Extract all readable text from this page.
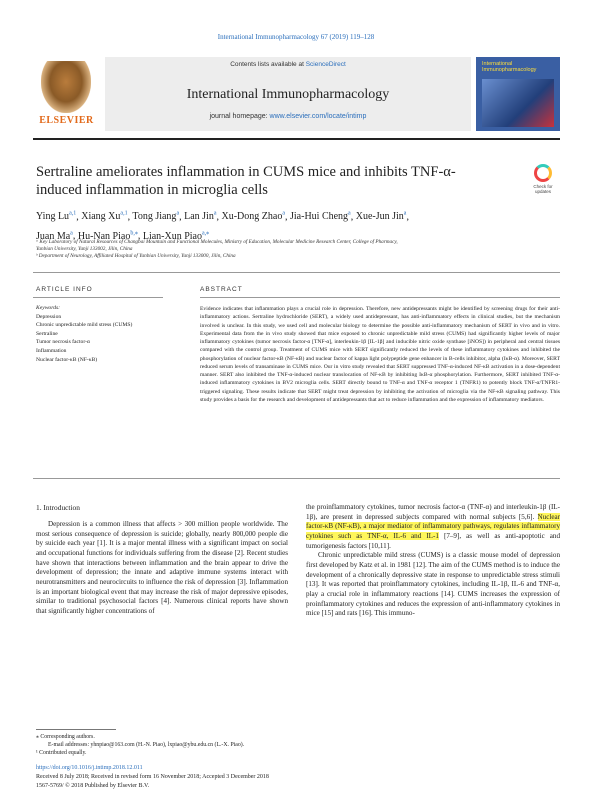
International Immunopharmacology 67 (2019) 119–128
ELSEVIER
Contents lists available at ScienceDirect
International Immunopharmacology
journal homepage: www.elsevier.com/locate/intimp
International
Immunopharmacology
Sertraline ameliorates inflammation in CUMS mice and inhibits TNF-α-
induced inflammation in microglia cells	Check for
updates
Ying Lu$^{a,1}$, Xiang Xu$^{a,1}$, Tong Jiang$^a$, Lan Jin$^a$, Xu-Dong Zhao$^a$, Jia-Hui Cheng$^a$, Xue-Jun Jin$^a$,
Juan Ma$^a$, Hu-Nan Piao$^{b,⁎}$, Lian-Xun Piao$^{a,⁎}$
ᵃ Key Laboratory of Natural Resources of Changbai Mountain and Functional Molecules, Ministry of Education, Molecular Medicine Research Center, College of Pharmacy,
Yanbian University, Yanji 133002, Jilin, China
ᵇ Department of Neurology, Affiliated Hospital of Yanbian University, Yanji 133000, Jilin, China
ARTICLE INFO	ABSTRACT
Keywords:
Depression
Chronic unpredictable mild stress (CUMS)
Sertraline
Tumor necrosis factor-α
Inflammation
Nuclear factor-κB (NF-κB)
Evidence indicates that inflammation plays a crucial role in depression. Therefore, new antidepressants might be identified by screening drugs for their anti-inflammatory actions. Sertraline hydrochloride (SERT), a widely used antidepressant, has anti-inflammatory effects in clinical studies, but the mechanism involved is unclear. In this study, we used cell and molecular biology to determine the possible anti-inflammatory mechanism of SERT in vivo and in vitro. Experimental data from the in vivo study showed that mice exposed to chronic unpredictable mild stress (CUMS) had significantly higher levels of major inflammatory cytokines (tumor necrosis factor-α [TNF-α], interleukin-1β [IL-1β] and inducible nitric oxide synthase [iNOS]) in peripheral and central tissues compared with the control group. Treatment of CUMS mice with SERT significantly reduced the levels of these inflammatory cytokines and inhibited the phosphorylation of nuclear factor-κB (NF-κB) and nuclear factor of kappa light polypeptide gene enhancer in B-cells inhibitor, alpha (IκB-α). Moreover, SERT reduced serum levels of transaminase in CUMS mice. Our in vitro study revealed that SERT suppressed TNF-α-induced NF-κB activation in a dose-dependent manner. SERT also inhibited the TNF-α-induced nuclear translocation of NF-κB by inhibiting IκB-α phosphorylation. Furthermore, SERT inhibited TNF-α-induced inflammatory cytokines in BV2 microglia cells. SERT directly bound to TNF-α and TNF-α receptor 1 (TNFR1) to potently block TNF-α/TNFR1-triggered signaling. These results indicate that SERT might treat depression by inhibiting the activation of microglia via the NF-κB signaling pathway. This study provides a basis for the research and development of antidepressants that act to reduce inflammation and the expression of inflammatory mediators.
1. Introduction

Depression is a common illness that affects > 300 million people worldwide. The most serious consequence of depression is suicide; globally, nearly 800,000 people die by suicide each year [1]. It is a major mental illness with a significant impact on social and occupational functions for individuals suffering from the disease [2]. Recent studies have shown that interactions between inflammation and the brain appear to drive the development of depression; the innate and adaptive immune systems interact with neurotransmitters and neurocircuits to influence the risk of depression [3]. Inflammation is an important biological event that may increase the risk of major depressive episodes, similar to traditional psychosocial factors [4]. Numerous clinical reports have shown that significantly higher concentrations of

the proinflammatory cytokines, tumor necrosis factor-α (TNF-α) and interleukin-1β (IL-1β), are present in depressed subjects compared with normal subjects [5,6]. Nuclear factor-κB (NF-κB), a major mediator of inflammatory pathways, regulates inflammatory cytokines such as TNF-α, IL-6 and IL-1 [7–9], as well as anti-apoptotic and tumorigenesis factors [10,11].

Chronic unpredictable mild stress (CUMS) is a classic mouse model of depression first developed by Katz et al. in 1981 [12]. The aim of the CUMS method is to induce the development of a chronically depressive state in response to unpredictable stress stimuli [13]. It was reported that proinflammatory cytokines, including IL-1β, IL-6 and TNF-α, play a crucial role in inflammatory reactions [14]. CUMS increases the expression of proinflammatory cytokines and reduces the expression of anti-inflammatory cytokines in mice [15] and rats [16]. This immuno-

⁎ Corresponding authors.
E-mail addresses: yhnpiao@163.com (H.-N. Piao), lxpiao@ybu.edu.cn (L.-X. Piao).
¹ Contributed equally.
https://doi.org/10.1016/j.intimp.2018.12.011
Received 8 July 2018; Received in revised form 16 November 2018; Accepted 3 December 2018
1567-5769/ © 2018 Published by Elsevier B.V.
